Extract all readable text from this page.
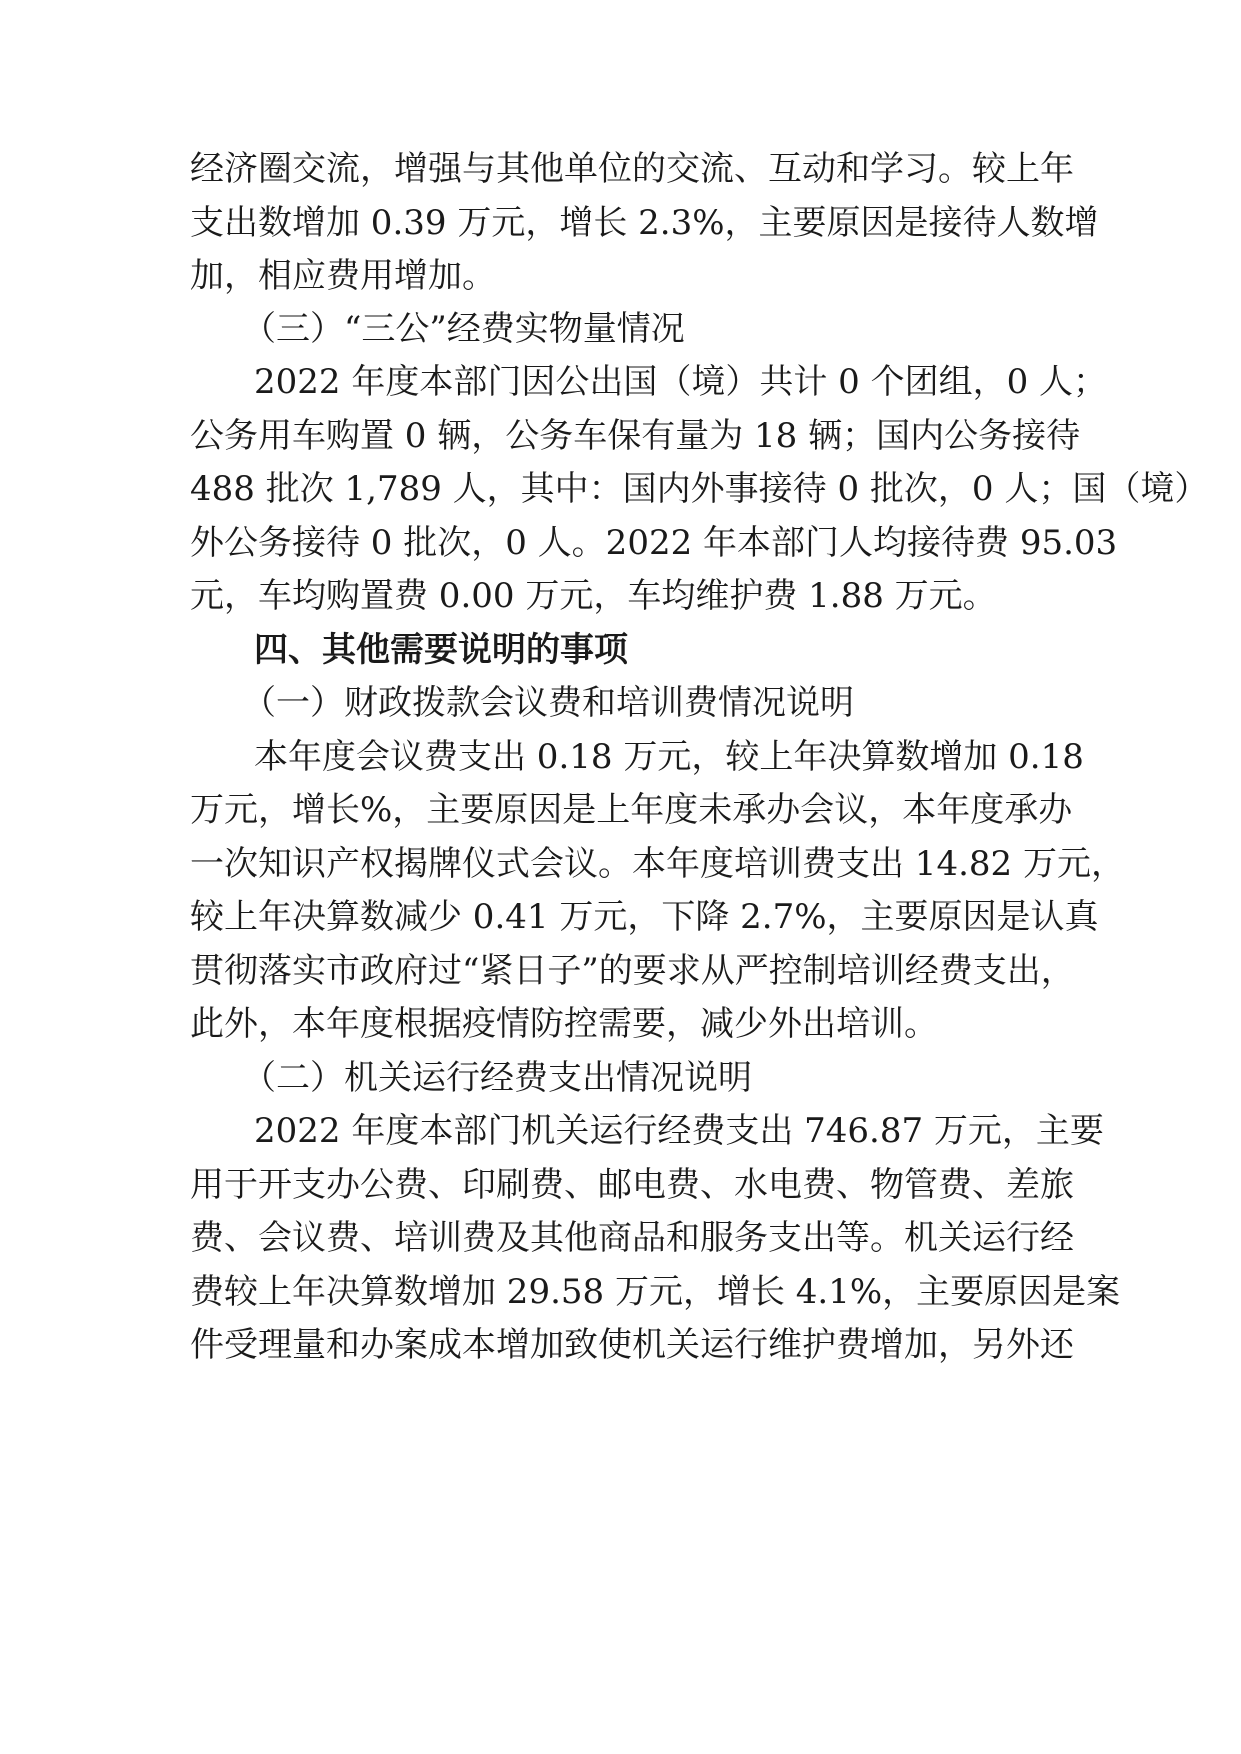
经济圈交流，增强与其他单位的交流、互动和学习。较上年
支出数增加 0.39 万元，增长 2.3%，主要原因是接待人数增
加，相应费用增加。
（三）“三公”经费实物量情况
2022 年度本部门因公出国（境）共计 0 个团组，0 人；
公务用车购置 0 辆，公务车保有量为 18 辆；国内公务接待
488 批次 1,789 人，其中：国内外事接待 0 批次，0 人；国（境）
外公务接待 0 批次，0 人。2022 年本部门人均接待费 95.03
元，车均购置费 0.00 万元，车均维护费 1.88 万元。
四、其他需要说明的事项
（一）财政拨款会议费和培训费情况说明
本年度会议费支出 0.18 万元，较上年决算数增加 0.18
万元，增长%，主要原因是上年度未承办会议，本年度承办
一次知识产权揭牌仪式会议。本年度培训费支出 14.82 万元，
较上年决算数减少 0.41 万元，下降 2.7%，主要原因是认真
贯彻落实市政府过“紧日子”的要求从严控制培训经费支出，
此外，本年度根据疫情防控需要，减少外出培训。
（二）机关运行经费支出情况说明
2022 年度本部门机关运行经费支出 746.87 万元，主要
用于开支办公费、印刷费、邮电费、水电费、物管费、差旅
费、会议费、培训费及其他商品和服务支出等。机关运行经
费较上年决算数增加 29.58 万元，增长 4.1%，主要原因是案
件受理量和办案成本增加致使机关运行维护费增加，另外还
